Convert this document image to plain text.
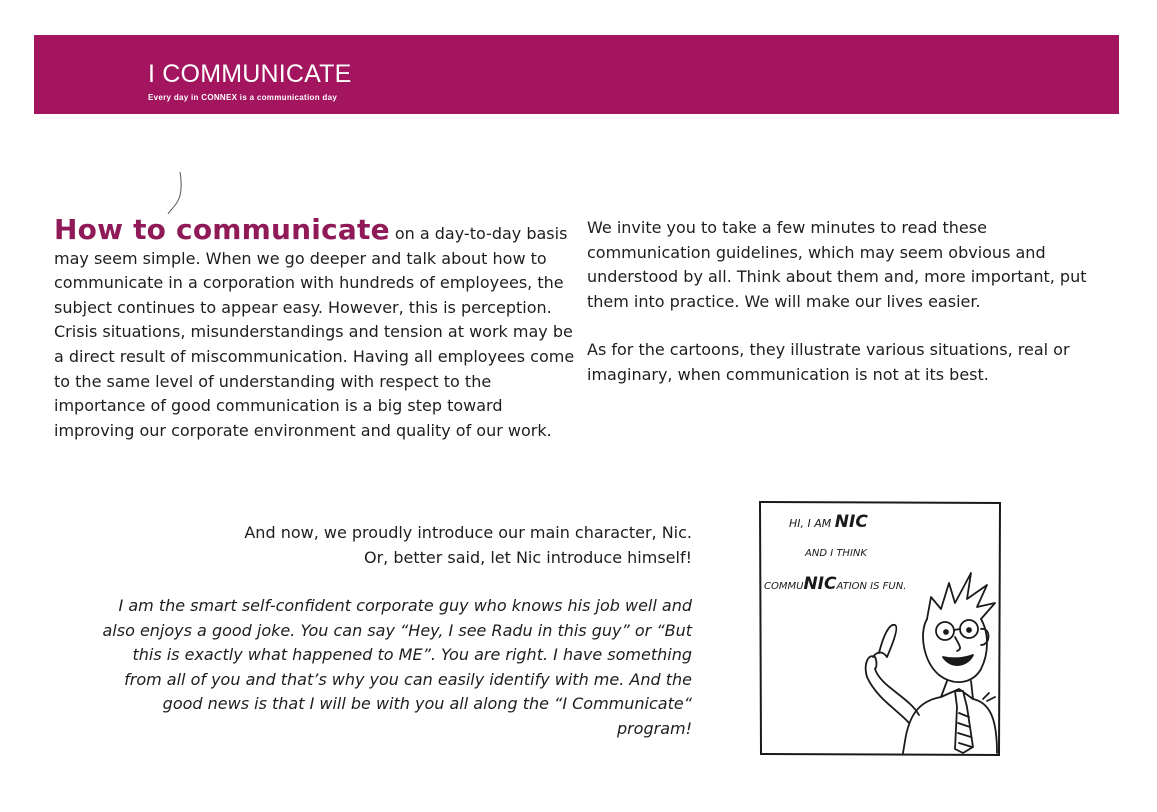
I COMMUNICATE
Every day in CONNEX is a communication day

How to communicate on a day-to-day basis may seem simple. When we go deeper and talk about how to communicate in a corporation with hundreds of employees, the subject continues to appear easy. However, this is perception. Crisis situations, misunderstandings and tension at work may be a direct result of miscommunication. Having all employees come to the same level of understanding with respect to the importance of good communication is a big step toward improving our corporate environment and quality of our work.

We invite you to take a few minutes to read these communication guidelines, which may seem obvious and understood by all. Think about them and, more important, put them into practice. We will make our lives easier.

As for the cartoons, they illustrate various situations, real or imaginary, when communication is not at its best.

And now, we proudly introduce our main character, Nic.

Or, better said, let Nic introduce himself!

I am the smart self-confident corporate guy who knows his job well and also enjoys a good joke. You can say “Hey, I see Radu in this guy” or “But this is exactly what happened to ME”. You are right. I have something from all of you and that’s why you can easily identify with me. And the good news is that I will be with you all along the “I Communicate“ program!
HI, I AM NIC
AND I THINK
COMMUNICATION IS FUN.
